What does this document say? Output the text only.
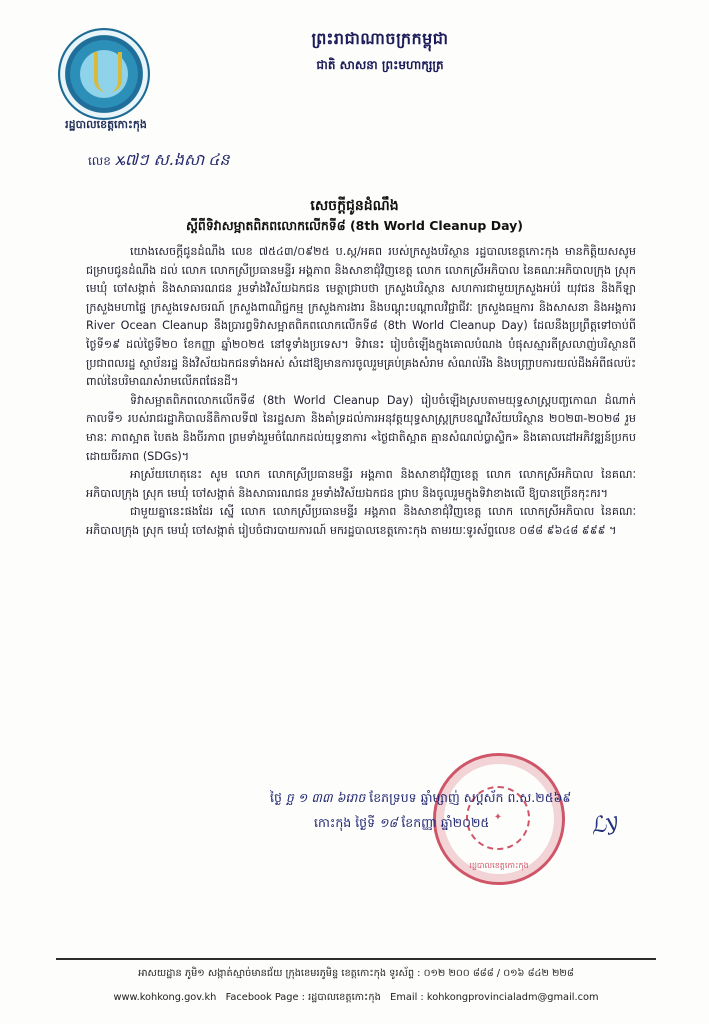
រដ្ឋបាលខេត្តកោះកុង
ព្រះរាជាណាចក្រកម្ពុជា
ជាតិ សាសនា ព្រះមហាក្សត្រ
លេខ ꭖ៧ៗ ស.ងសា ៤ន
សេចក្តីជូនដំណឹង
ស្តីពីទិវាសម្អាតពិភពលោកលើកទី៨ (8th World Cleanup Day)

យោងសេចក្តីជូនដំណឹង លេខ ៧៥៤៣/០៩២៥ ប.ស្ក/អគព របស់ក្រសួងបរិស្ថាន រដ្ឋបាលខេត្តកោះកុង មានកិត្តិយសសូមជម្រាបជូនដំណឹង ដល់ លោក លោកស្រីប្រធានមន្ទីរ អង្គភាព និងសាខាជុំវិញខេត្ត លោក លោកស្រីអភិបាល នៃគណៈអភិបាលក្រុង ស្រុក មេឃុំ ចៅសង្កាត់ និងសាធារណជន រួមទាំងវិស័យឯកជន មេត្តាជ្រាបថា ក្រសួងបរិស្ថាន សហការជាមួយក្រសួងអប់រំ យុវជន និងកីឡា ក្រសួងមហាផ្ទៃ ក្រសួងទេសចរណ៍ ក្រសួងពាណិជ្ជកម្ម ក្រសួងការងារ និងបណ្តុះបណ្តាលវិជ្ជាជីវៈ ក្រសួងធម្មការ និងសាសនា និងអង្គការ River Ocean Cleanup នឹងប្រារព្ធទិវាសម្អាតពិភពលោកលើកទី៨ (8th World Cleanup Day) ដែលនឹងប្រព្រឹត្តទៅចាប់ពីថ្ងៃទី១៩ ដល់ថ្ងៃទី២០ ខែកញ្ញា ឆ្នាំ២០២៥ នៅទូទាំងប្រទេស។ ទិវានេះ រៀបចំឡើងក្នុងគោលបំណង បំផុសស្មារតីស្រលាញ់បរិស្ថានពីប្រជាពលរដ្ឋ ស្ថាប័នរដ្ឋ និងវិស័យឯកជនទាំងអស់ សំដៅឱ្យមានការចូលរួមគ្រប់គ្រងសំរាម សំណល់រឹង និងបញ្ជ្រាបការយល់ដឹងអំពីផលប៉ះពាល់នៃបរិមាណសំរាមលើភពផែនដី។

ទិវាសម្អាតពិភពលោកលើកទី៨ (8th World Cleanup Day) រៀបចំឡើងស្របតាមយុទ្ធសាស្ត្របញ្ចកោណ ដំណាក់កាលទី១ របស់រាជរដ្ឋាភិបាលនីតិកាលទី៧ នៃរដ្ឋសភា និងគាំទ្រដល់ការអនុវត្តយុទ្ធសាស្ត្រក្របខណ្ឌវិស័យបរិស្ថាន ២០២៣-២០២៨ រួមមានៈ ភាពស្អាត បៃតង និងចីរភាព ព្រមទាំងរួមចំណែកដល់យុទ្ធនាការ «ថ្ងៃជាតិស្អាត គ្មានសំណល់ប្លាស្ទិក» និងគោលដៅអភិវឌ្ឍន៍ប្រកបដោយចីរភាព (SDGs)។

អាស្រ័យហេតុនេះ សូម លោក លោកស្រីប្រធានមន្ទីរ អង្គភាព និងសាខាជុំវិញខេត្ត លោក លោកស្រីអភិបាល នៃគណៈអភិបាលក្រុង ស្រុក មេឃុំ ចៅសង្កាត់ និងសាធារណជន រួមទាំងវិស័យឯកជន ជ្រាប និងចូលរួមក្នុងទិវាខាងលើ ឱ្យបានច្រើនកុះករ។

ជាមួយគ្នានេះផងដែរ ស្នើ លោក លោកស្រីប្រធានមន្ទីរ អង្គភាព និងសាខាជុំវិញខេត្ត លោក លោកស្រីអភិបាល នៃគណៈអភិបាលក្រុង ស្រុក មេឃុំ ចៅសង្កាត់ រៀបចំជារបាយការណ៍ មករដ្ឋបាលខេត្តកោះកុង តាមរយៈទូរស័ព្ទលេខ ០៨៨ ៩៦៤៨ ៩៩៩ ។

✦
រដ្ឋបាលខេត្តកោះកុង
ថ្ងៃ ច្ឆ ១ ៣៣ ៦រោច ខែភទ្របទ ឆ្នាំម្សាញ់ សប្តស័ក ព.ស.២៥៦៩
កោះកុង ថ្ងៃទី ១៨ ខែកញ្ញា ឆ្នាំ២០២៥	ℒy
អាសយដ្ឋាន ភូមិ១ សង្កាត់ស្មាច់មានជ័យ ក្រុងខេមរភូមិន្ទ ខេត្តកោះកុង ទូរស័ព្ទ : ០១២ ២០០ ៨៨៨ / ០១៦ ៨៤២ ២២៨
www.kohkong.gov.kh Facebook Page : រដ្ឋបាលខេត្តកោះកុង Email : kohkongprovincialadm@gmail.com
